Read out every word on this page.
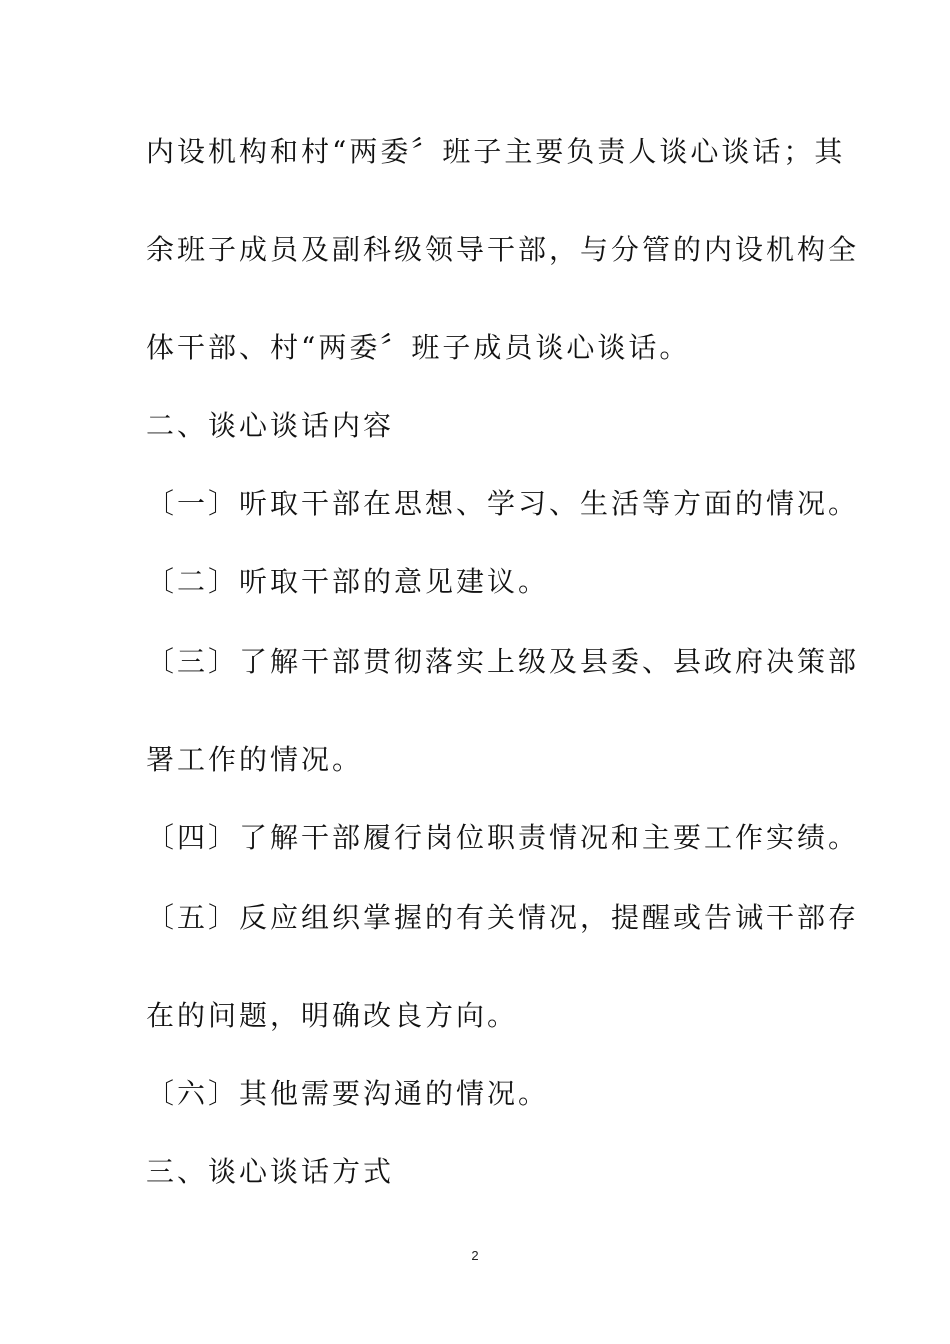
内设机构和村“两委〞班子主要负责人谈心谈话；其
余班子成员及副科级领导干部，与分管的内设机构全
体干部、村“两委〞班子成员谈心谈话。
二、谈心谈话内容
〔一〕听取干部在思想、学习、生活等方面的情况。
〔二〕听取干部的意见建议。
〔三〕了解干部贯彻落实上级及县委、县政府决策部
署工作的情况。
〔四〕了解干部履行岗位职责情况和主要工作实绩。
〔五〕反应组织掌握的有关情况，提醒或告诫干部存
在的问题，明确改良方向。
〔六〕其他需要沟通的情况。
三、谈心谈话方式
2
